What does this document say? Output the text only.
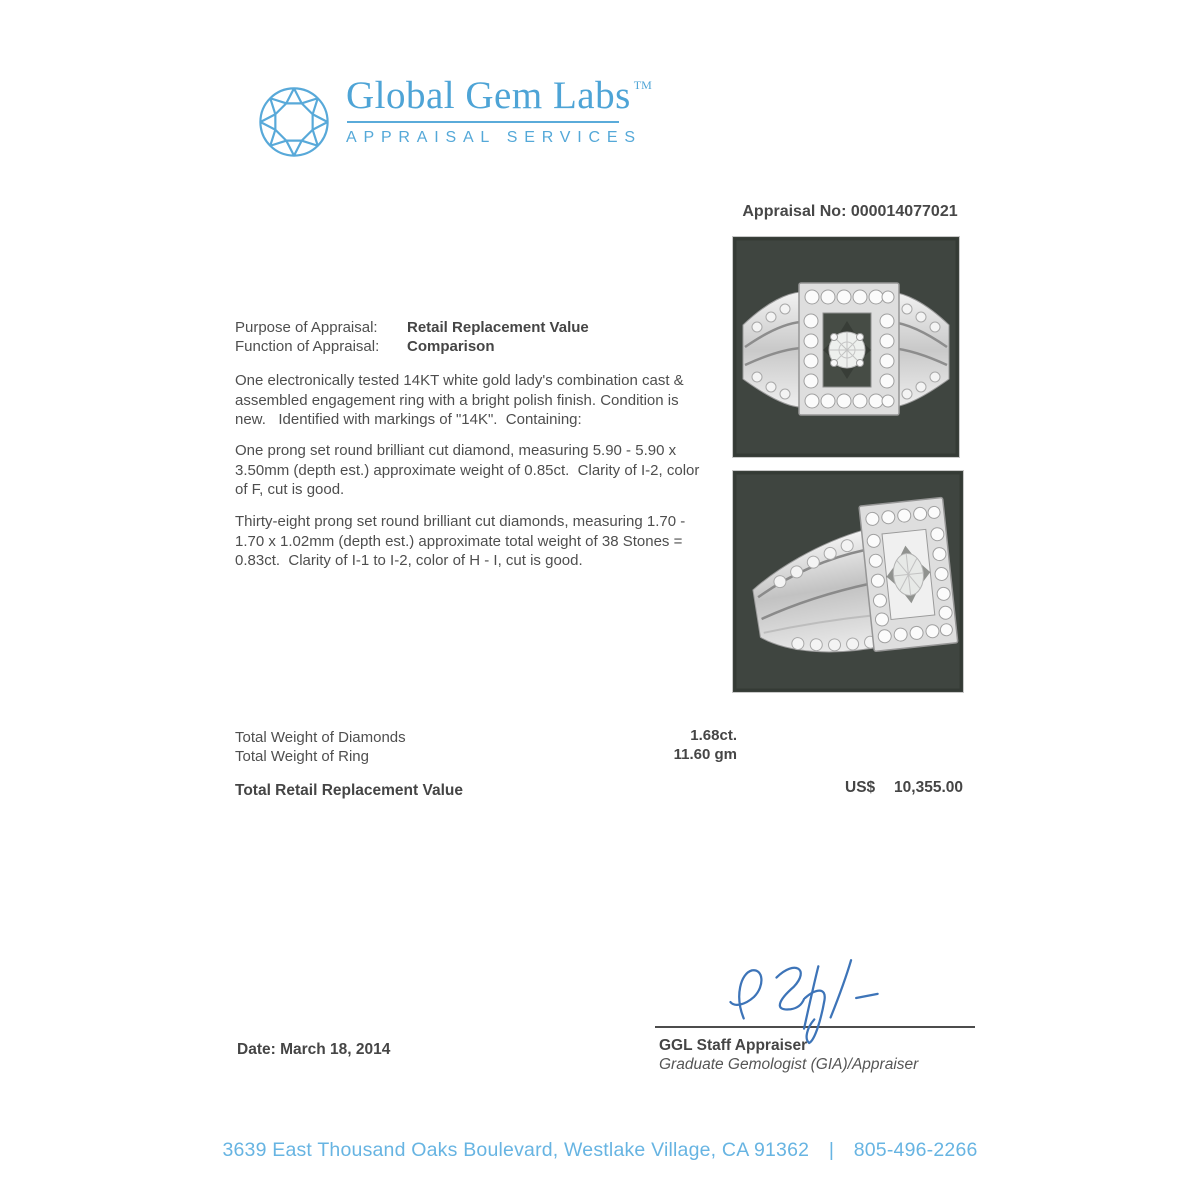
Global Gem Labs TM
APPRAISAL SERVICES
Appraisal No: 000014077021
Purpose of Appraisal:	Retail Replacement Value
Function of Appraisal:	Comparison
One electronically tested 14KT white gold lady's combination cast & assembled engagement ring with a bright polish finish. Condition is new.   Identified with markings of "14K".  Containing:
One prong set round brilliant cut diamond, measuring 5.90 - 5.90 x 3.50mm (depth est.) approximate weight of 0.85ct.  Clarity of I-2, color of F, cut is good.
Thirty-eight prong set round brilliant cut diamonds, measuring 1.70 - 1.70 x 1.02mm (depth est.) approximate total weight of 38 Stones = 0.83ct.  Clarity of I-1 to I-2, color of H - I, cut is good.
Total Weight of Diamonds	1.68ct.
Total Weight of Ring	11.60 gm
Total Retail Replacement Value	US$ 10,355.00
GGL Staff Appraiser
Graduate Gemologist (GIA)/Appraiser
Date: March 18, 2014
3639 East Thousand Oaks Boulevard, Westlake Village, CA 91362 | 805-496-2266
